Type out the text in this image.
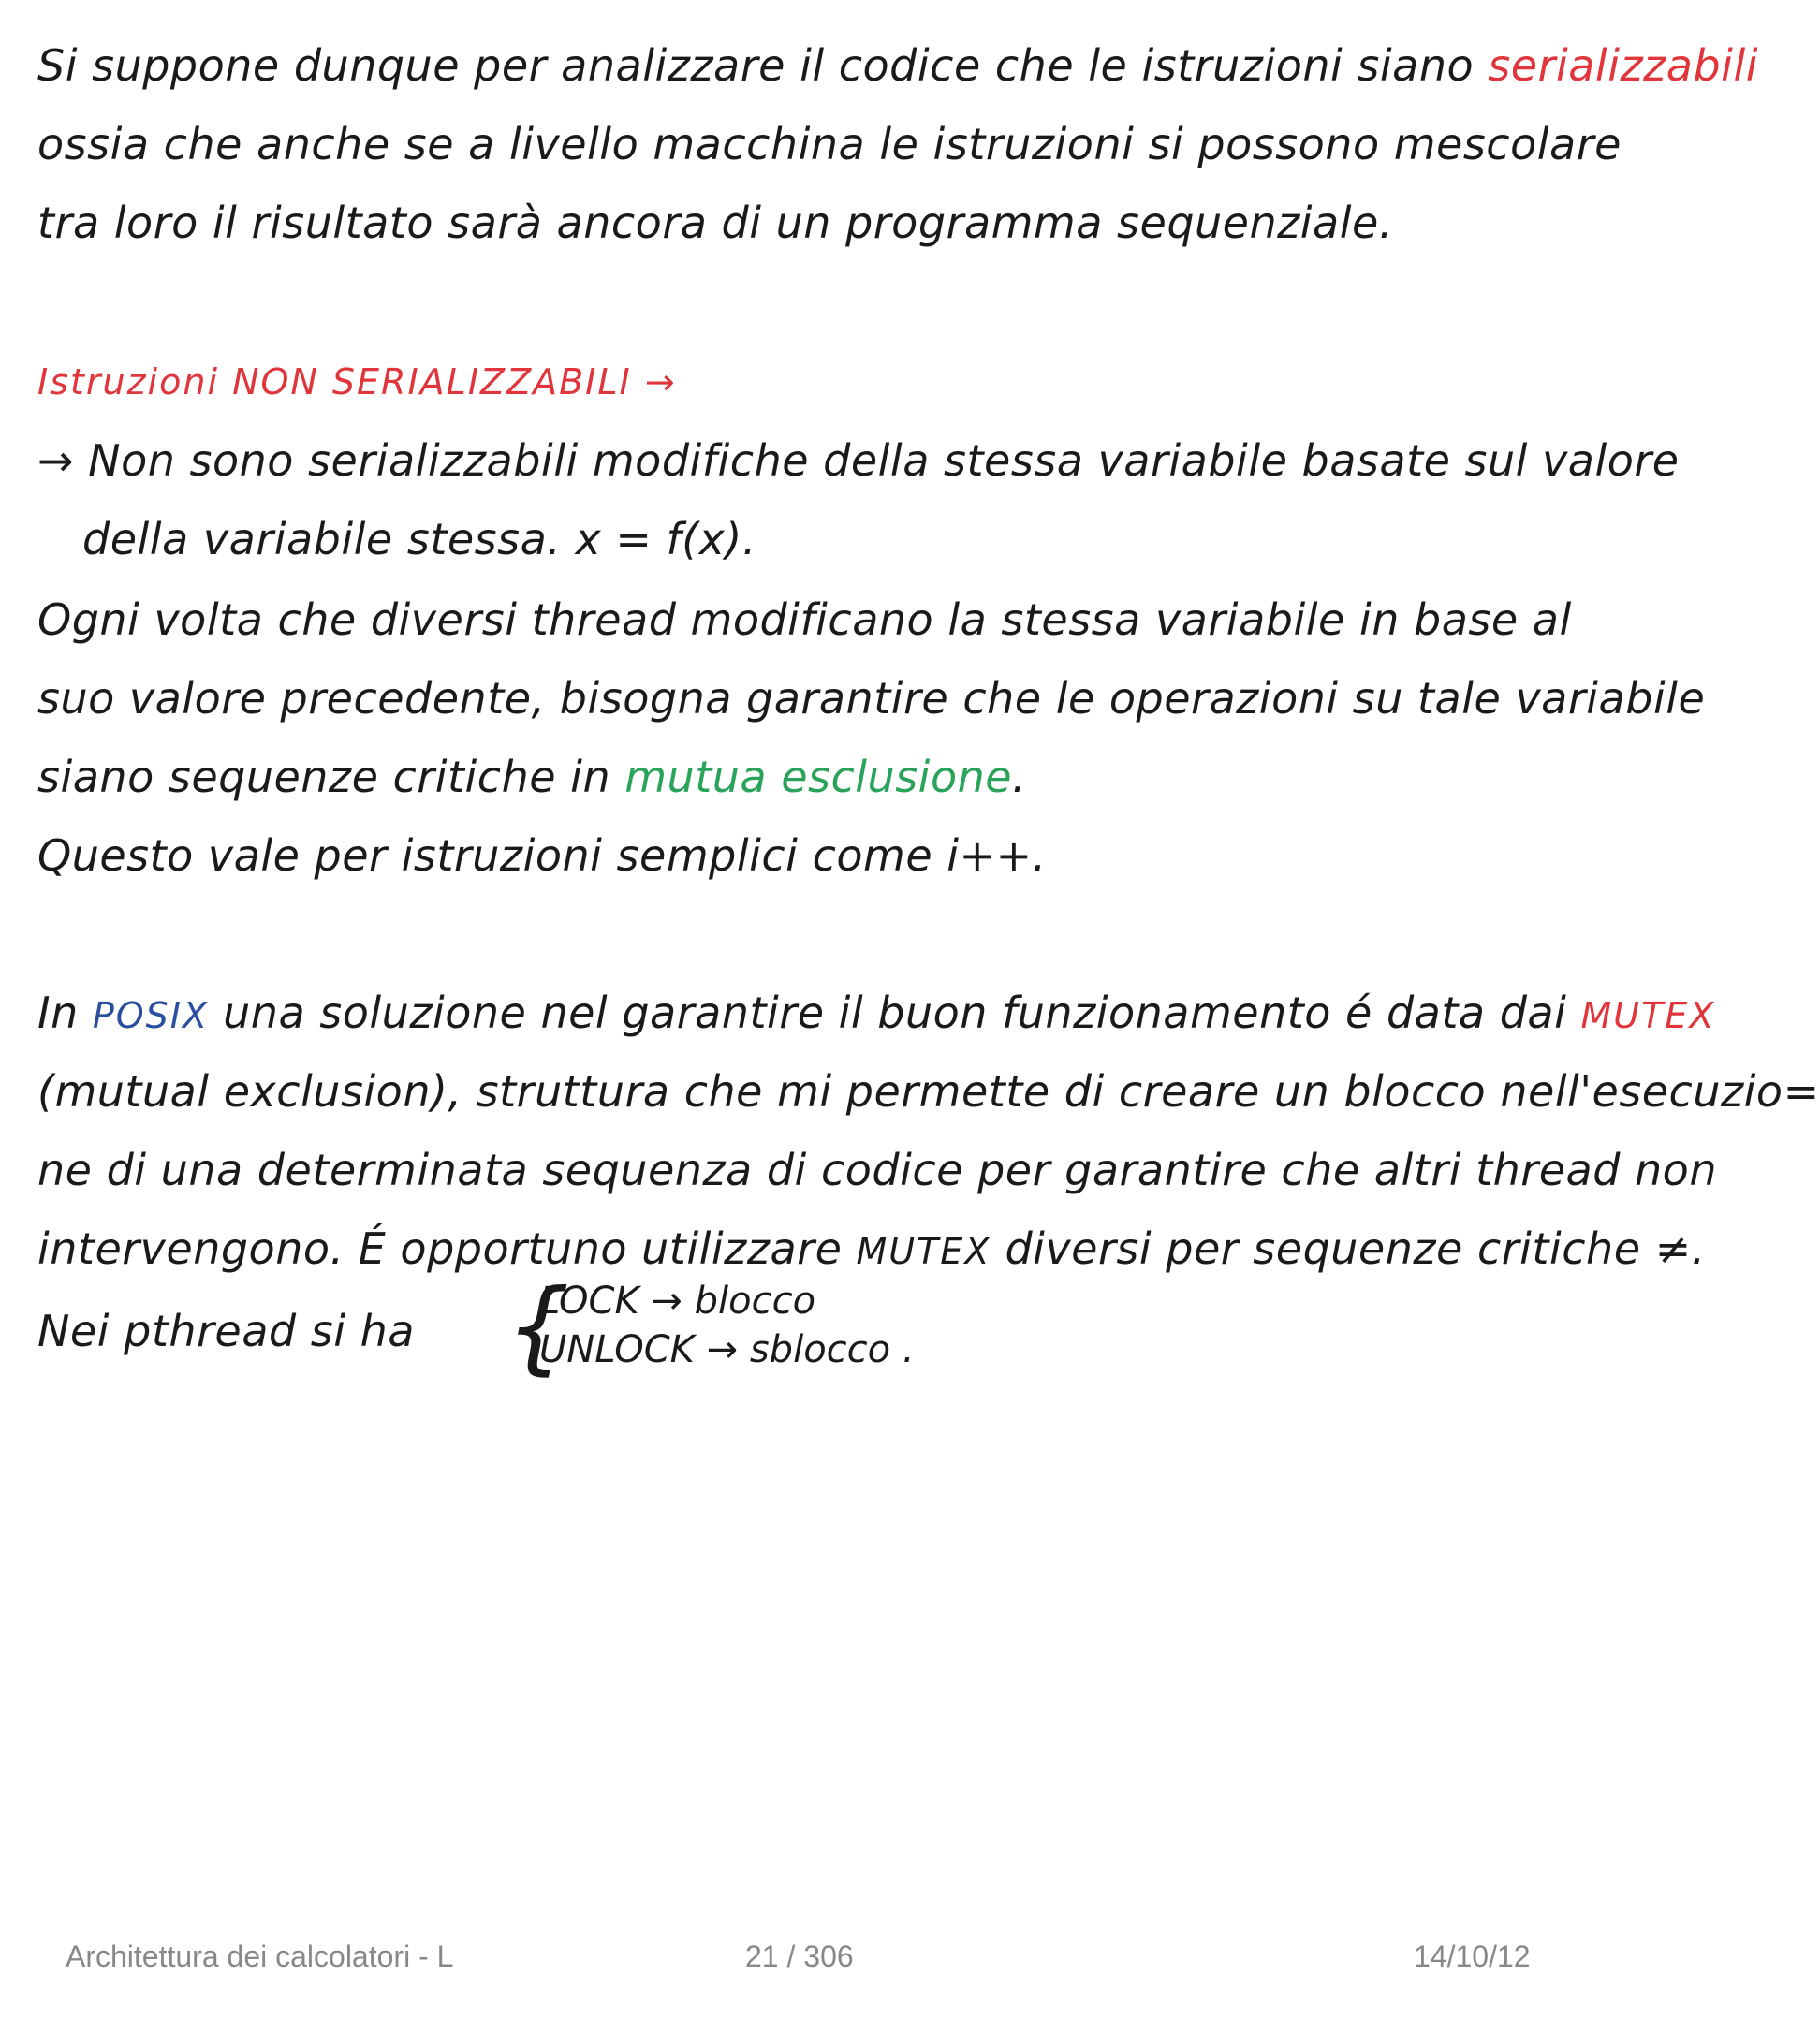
Si suppone dunque per analizzare il codice che le istruzioni siano serializzabili
ossia che anche se a livello macchina le istruzioni si possono mescolare
tra loro il risultato sarà ancora di un programma sequenziale.
Istruzioni NON SERIALIZZABILI →
→ Non sono serializzabili modifiche della stessa variabile basate sul valore
della variabile stessa. x = f(x).
Ogni volta che diversi thread modificano la stessa variabile in base al
suo valore precedente, bisogna garantire che le operazioni su tale variabile
siano sequenze critiche in mutua esclusione.
Questo vale per istruzioni semplici come i++.
In POSIX una soluzione nel garantire il buon funzionamento é data dai MUTEX
(mutual exclusion), struttura che mi permette di creare un blocco nell'esecuzio=
ne di una determinata sequenza di codice per garantire che altri thread non
intervengono. É opportuno utilizzare MUTEX diversi per sequenze critiche ≠.
Nei pthread si ha {
LOCK → blocco
UNLOCK → sblocco .
Architettura dei calcolatori - L	21 / 306	14/10/12
